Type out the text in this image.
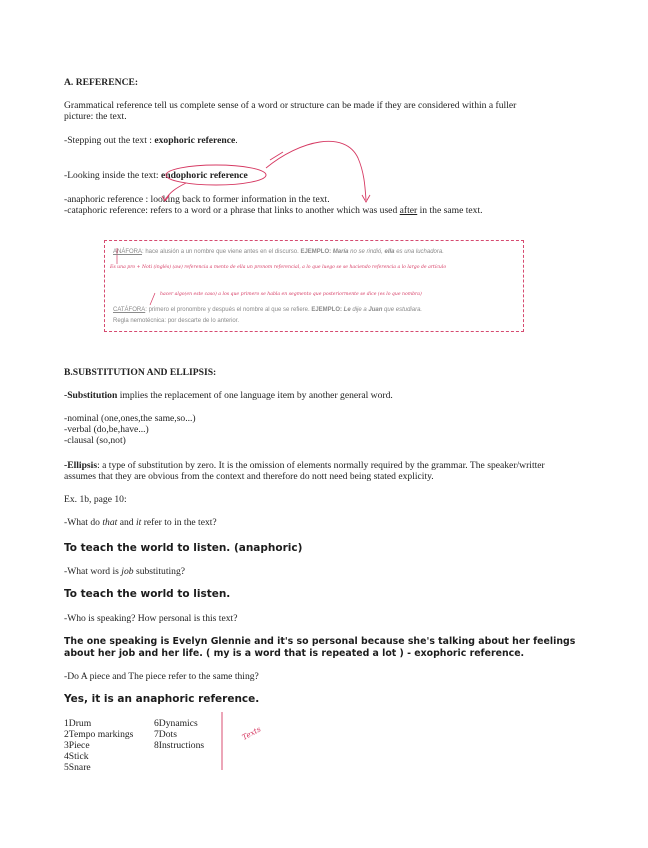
A. REFERENCE:
Grammatical reference tell us complete sense of a word or structure can be made if they are considered within a fuller
picture: the text.
-Stepping out the text : exophoric reference.
-Looking inside the text: endophoric reference
-anaphoric reference : looking back to former information in the text.
-cataphoric reference: refers to a word or a phrase that links to another which was used after in the same text.
ANÁFORA: hace alusión a un nombre que viene antes en el discurso. EJEMPLO: María no se rindió, ella es una luchadora.
Es una pro + Noti (inglés) (aw) referencia a mento de ella un pronom referencial, a lo que luego se se haciendo referencia a lo largo de artículo
hacer algo(en este caso) a los que primero se habla en segmento que posteriormente se dice (es lo que nombra)
CATÁFORA: primero el pronombre y después el nombre al que se refiere. EJEMPLO: Le dije a Juan que estudiara.
Regla nemotécnica: por descarte de lo anterior.
B.SUBSTITUTION AND ELLIPSIS:
-Substitution implies the replacement of one language item by another general word.
-nominal (one,ones,the same,so...)
-verbal (do,be,have...)
-clausal (so,not)
-Ellipsis: a type of substitution by zero. It is the omission of elements normally required by the grammar. The speaker/writter
assumes that they are obvious from the context and therefore do nott need being stated explicity.
Ex. 1b, page 10:
-What do that and it refer to in the text?
To teach the world to listen. (anaphoric)
-What word is job substituting?
To teach the world to listen.
-Who is speaking? How personal is this text?
The one speaking is Evelyn Glennie and it's so personal because she's talking about her feelings
about her job and her life. ( my is a word that is repeated a lot ) - exophoric reference.
-Do A piece and The piece refer to the same thing?
Yes, it is an anaphoric reference.
1Drum
2Tempo markings
3Piece
4Stick
5Snare
6Dynamics
7Dots
8Instructions
Texts
